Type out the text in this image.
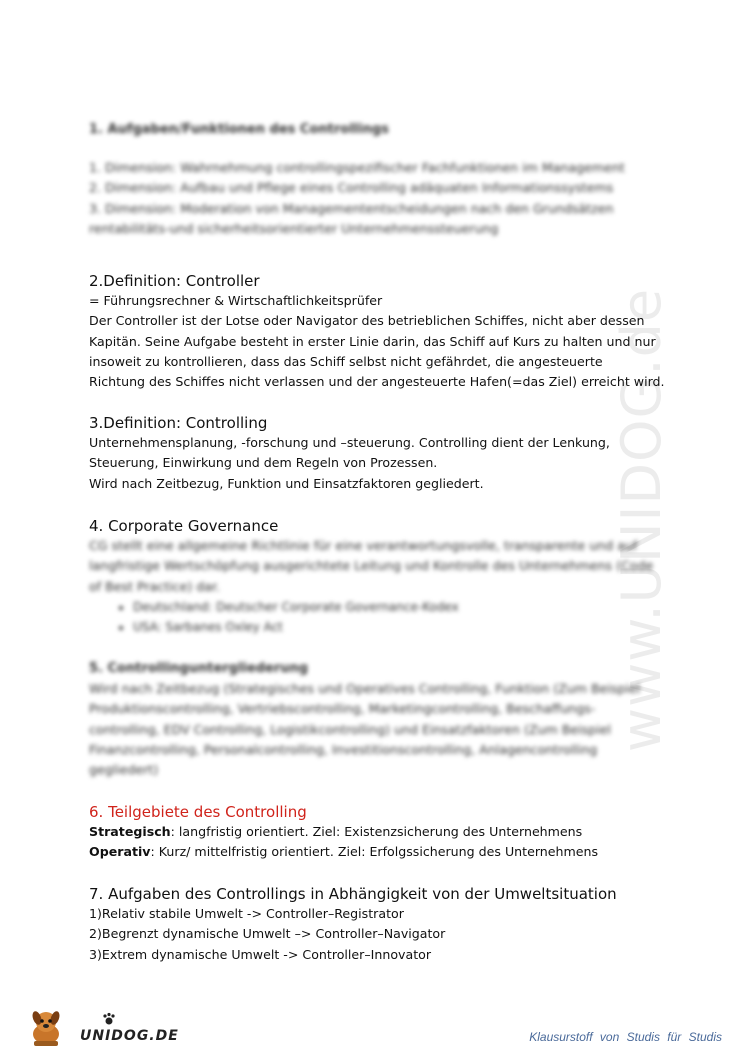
www.UNIDOG.de

1. Aufgaben/Funktionen des Controllings

1. Dimension: Wahrnehmung controllingspezifischer Fachfunktionen im Management

2. Dimension: Aufbau und Pflege eines Controlling adäquaten Informationssystems

3. Dimension: Moderation von Managemententscheidungen nach den Grundsätzen

rentabilitäts-und sicherheitsorientierter Unternehmenssteuerung

2.Definition: Controller

= Führungsrechner & Wirtschaftlichkeitsprüfer

Der Controller ist der Lotse oder Navigator des betrieblichen Schiffes, nicht aber dessen

Kapitän. Seine Aufgabe besteht in erster Linie darin, das Schiff auf Kurs zu halten und nur

insoweit zu kontrollieren, dass das Schiff selbst nicht gefährdet, die angesteuerte

Richtung des Schiffes nicht verlassen und der angesteuerte Hafen(=das Ziel) erreicht wird.

3.Definition: Controlling

Unternehmensplanung, -forschung und –steuerung. Controlling dient der Lenkung,

Steuerung, Einwirkung und dem Regeln von Prozessen.

Wird nach Zeitbezug, Funktion und Einsatzfaktoren gegliedert.

4. Corporate Governance

CG stellt eine allgemeine Richtlinie für eine verantwortungsvolle, transparente und auf

langfristige Wertschöpfung ausgerichtete Leitung und Kontrolle des Unternehmens (Code

of Best Practice) dar.

• Deutschland: Deutscher Corporate Governance-Kodex
• USA: Sarbanes Oxley Act

5. Controllinguntergliederung

Wird nach Zeitbezug (Strategisches und Operatives Controlling, Funktion (Zum Beispiel

Produktionscontrolling, Vertriebscontrolling, Marketingcontrolling, Beschaffungs-

controlling, EDV Controlling, Logistikcontrolling) und Einsatzfaktoren (Zum Beispiel

Finanzcontrolling, Personalcontrolling, Investitionscontrolling, Anlagencontrolling

gegliedert)

6. Teilgebiete des Controlling

Strategisch: langfristig orientiert. Ziel: Existenzsicherung des Unternehmens

Operativ: Kurz/ mittelfristig orientiert. Ziel: Erfolgssicherung des Unternehmens

7. Aufgaben des Controllings in Abhängigkeit von der Umweltsituation

1)Relativ stabile Umwelt -> Controller–Registrator

2)Begrenzt dynamische Umwelt –> Controller–Navigator

3)Extrem dynamische Umwelt -> Controller–Innovator

UNIDOG.DE	Klausurstoff von Studis für Studis
